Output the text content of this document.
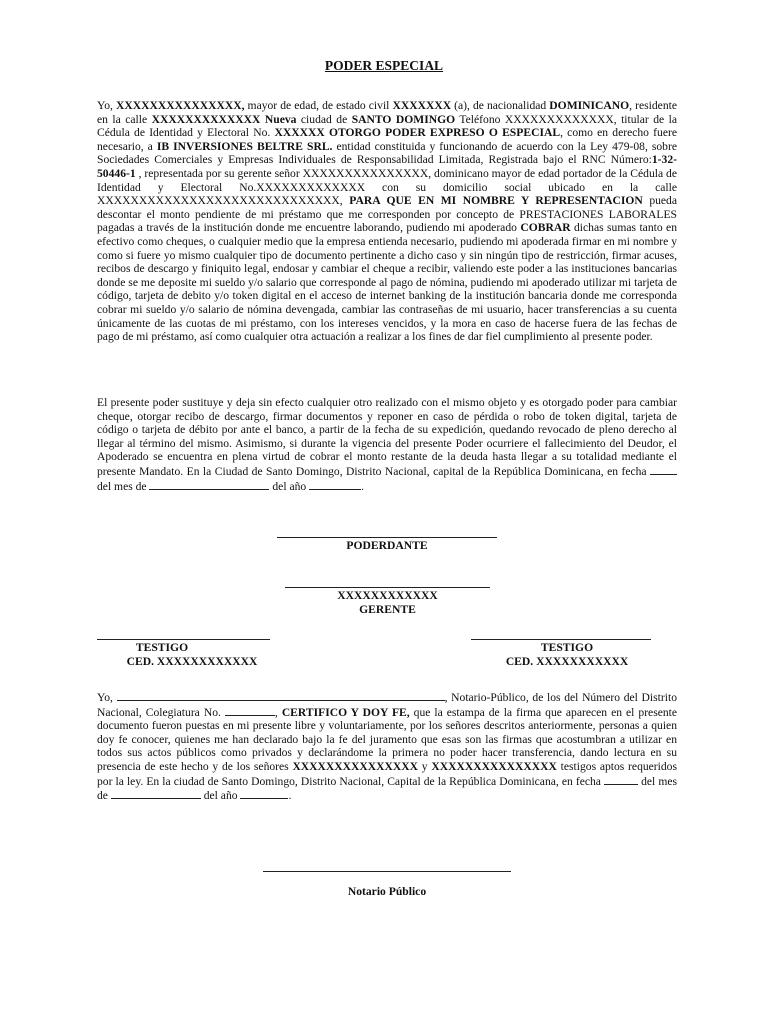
PODER ESPECIAL

Yo, XXXXXXXXXXXXXXX, mayor de edad, de estado civil XXXXXXX (a), de nacionalidad DOMINICANO, residente en la calle XXXXXXXXXXXXX Nueva ciudad de SANTO DOMINGO Teléfono XXXXXXXXXXXXX, titular de la Cédula de Identidad y Electoral No. XXXXXX OTORGO PODER EXPRESO O ESPECIAL, como en derecho fuere necesario, a IB INVERSIONES BELTRE SRL. entidad constituida y funcionando de acuerdo con la Ley 479-08, sobre Sociedades Comerciales y Empresas Individuales de Responsabilidad Limitada, Registrada bajo el RNC Número:1-32-50446-1 , representada por su gerente señor XXXXXXXXXXXXXXX, dominicano mayor de edad portador de la Cédula de Identidad y Electoral No.XXXXXXXXXXXXX con su domicilio social ubicado en la calle XXXXXXXXXXXXXXXXXXXXXXXXXXXXX, PARA QUE EN MI NOMBRE Y REPRESENTACION pueda descontar el monto pendiente de mi préstamo que me corresponden por concepto de PRESTACIONES LABORALES pagadas a través de la institución donde me encuentre laborando, pudiendo mi apoderado COBRAR dichas sumas tanto en efectivo como cheques, o cualquier medio que la empresa entienda necesario, pudiendo mi apoderada firmar en mi nombre y como si fuere yo mismo cualquier tipo de documento pertinente a dicho caso y sin ningún tipo de restricción, firmar acuses, recibos de descargo y finiquito legal, endosar y cambiar el cheque a recibir, valiendo este poder a las instituciones bancarias donde se me deposite mi sueldo y/o salario que corresponde al pago de nómina, pudiendo mi apoderado utilizar mi tarjeta de código, tarjeta de debito y/o token digital en el acceso de internet banking de la institución bancaria donde me corresponda cobrar mi sueldo y/o salario de nómina devengada, cambiar las contraseñas de mi usuario, hacer transferencias a su cuenta únicamente de las cuotas de mi préstamo, con los intereses vencidos, y la mora en caso de hacerse fuera de las fechas de pago de mi préstamo, así como cualquier otra actuación a realizar a los fines de dar fiel cumplimiento al presente poder.

El presente poder sustituye y deja sin efecto cualquier otro realizado con el mismo objeto y es otorgado poder para cambiar cheque, otorgar recibo de descargo, firmar documentos y reponer en caso de pérdida o robo de token digital, tarjeta de código o tarjeta de débito por ante el banco, a partir de la fecha de su expedición, quedando revocado de pleno derecho al llegar al término del mismo. Asimismo, si durante la vigencia del presente Poder ocurriere el fallecimiento del Deudor, el Apoderado se encuentra en plena virtud de cobrar el monto restante de la deuda hasta llegar a su totalidad mediante el presente Mandato. En la Ciudad de Santo Domingo, Distrito Nacional, capital de la República Dominicana, en fecha  del mes de	del año	.

PODERDANTE
XXXXXXXXXXXX
GERENTE
TESTIGO
CED. XXXXXXXXXXXX
TESTIGO
CED. XXXXXXXXXXX

Yo,	, Notario-Público, de los del Número del Distrito Nacional, Colegiatura No.	, CERTIFICO Y DOY FE, que la estampa de la firma que aparecen en el presente documento fueron puestas en mi presente libre y voluntariamente, por los señores descritos anteriormente, personas a quien doy fe conocer, quienes me han declarado bajo la fe del juramento que esas son las firmas que acostumbran a utilizar en todos sus actos públicos como privados y declarándome la primera no poder hacer transferencia, dando lectura en su presencia de este hecho y de los señores XXXXXXXXXXXXXXX y XXXXXXXXXXXXXXX testigos aptos requeridos por la ley. En la ciudad de Santo Domingo, Distrito Nacional, Capital de la República Dominicana, en fecha	del mes de	del año	.

Notario Público
